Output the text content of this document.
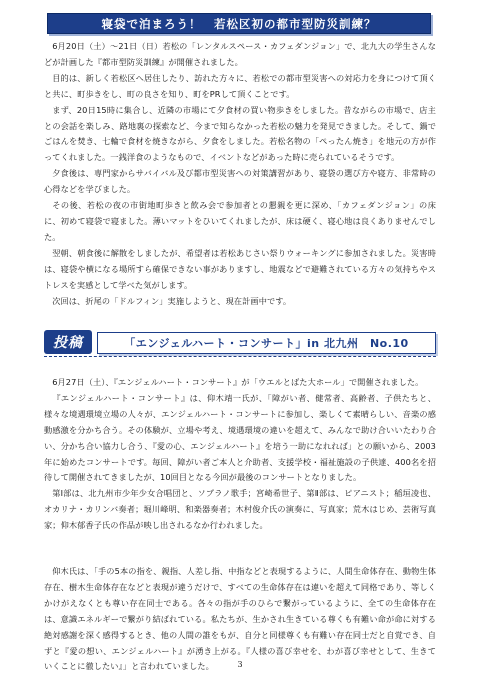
寝袋で泊まろう！　若松区初の都市型防災訓練？

6月20日（土）〜21日（日）若松の「レンタルスペース・カフェダンジョン」で、北九大の学生さんなどが計画した『都市型防災訓練』が開催されました。

目的は、新しく若松区へ居住したり、訪れた方々に、若松での都市型災害への対応力を身につけて頂くと共に、町歩きをし、町の良さを知り、町をPRして頂くことです。

まず、20日15時に集合し、近隣の市場にて夕食材の買い物歩きをしました。昔ながらの市場で、店主との会話を楽しみ、路地裏の探索など、今まで知らなかった若松の魅力を発見できました。そして、鍋でごはんを焚き、七輪で食材を焼きながら、夕食をしました。若松名物の「ぺったん焼き」を地元の方が作ってくれました。一銭洋食のようなもので、イベントなどがあった時に売られているそうです。

夕食後は、専門家からサバイバル及び都市型災害への対策講習があり、寝袋の選び方や寝方、非常時の心得などを学びました。

その後、若松の夜の市街地町歩きと飲み会で参加者との懇親を更に深め、「カフェダンジョン」の床に、初めて寝袋で寝ました。薄いマットをひいてくれましたが、床は硬く、寝心地は良くありませんでした。

翌朝、朝食後に解散をしましたが、希望者は若松あじさい祭りウォーキングに参加されました。災害時は、寝袋や横になる場所すら確保できない事がありますし、地震などで避難されている方々の気持ちやストレスを実感として学べた気がします。

次回は、折尾の「ドルフィン」実施しようと、現在計画中です。

投稿	「エンジェルハート・コンサート」in 北九州　No.10

6月27日（土）、『エンジェルハート・コンサート』が「ウエルとばた大ホール」で開催されました。

『エンジェルハート・コンサート』は、仰木靖一氏が、「障がい者、健常者、高齢者、子供たちと、様々な境遇環境立場の人々が、エンジェルハート・コンサートに参加し、楽しくて素晴らしい、音楽の感動感激を分かち合う。その体験が、立場や考え、境遇環境の違いを超えて、みんなで助け合いいたわり合い、分かち合い協力し合う、『愛の心、エンジェルハート』を培う一助になれれば」との願いから、2003年に始めたコンサートです。毎回、障がい者ご本人と介助者、支援学校・福祉施設の子供達、400名を招待して開催されてきましたが、10回目となる今回が最後のコンサートとなりました。

第Ⅰ部は、北九州市少年少女合唱団と、ソプラノ歌手；宮崎希世子、第Ⅱ部は、ピアニスト；稲垣凌也、オカリナ・カリンバ奏者；堀川峰明、和楽器奏者；木村俊介氏の演奏に、写真家；荒木はじめ、芸術写真家；仰木郁香子氏の作品が映し出されるなか行われました。

仰木氏は、「手の5本の指を、親指、人差し指、中指などと表現するように、人間生命体存在、動物生体存在、樹木生命体存在などと表現が違うだけで、すべての生命体存在は違いを超えて同格であり、等しくかけがえなくとも尊い存在同士である。各々の指が手のひらで繋がっているように、全ての生命体存在は、意識エネルギーで繋がり結ばれている。私たちが、生かされ生きている尊くも有難い命が命に対する絶対感謝を深く感得するとき、他の人間の誰をもが、自分と同様尊くも有難い存在同士だと自覚でき、自ずと『愛の想い、エンジェルハート』が湧き上がる。『人様の喜び幸せを、わが喜び幸せとして、生きていくことに徹したい』」と言われていました。	3
